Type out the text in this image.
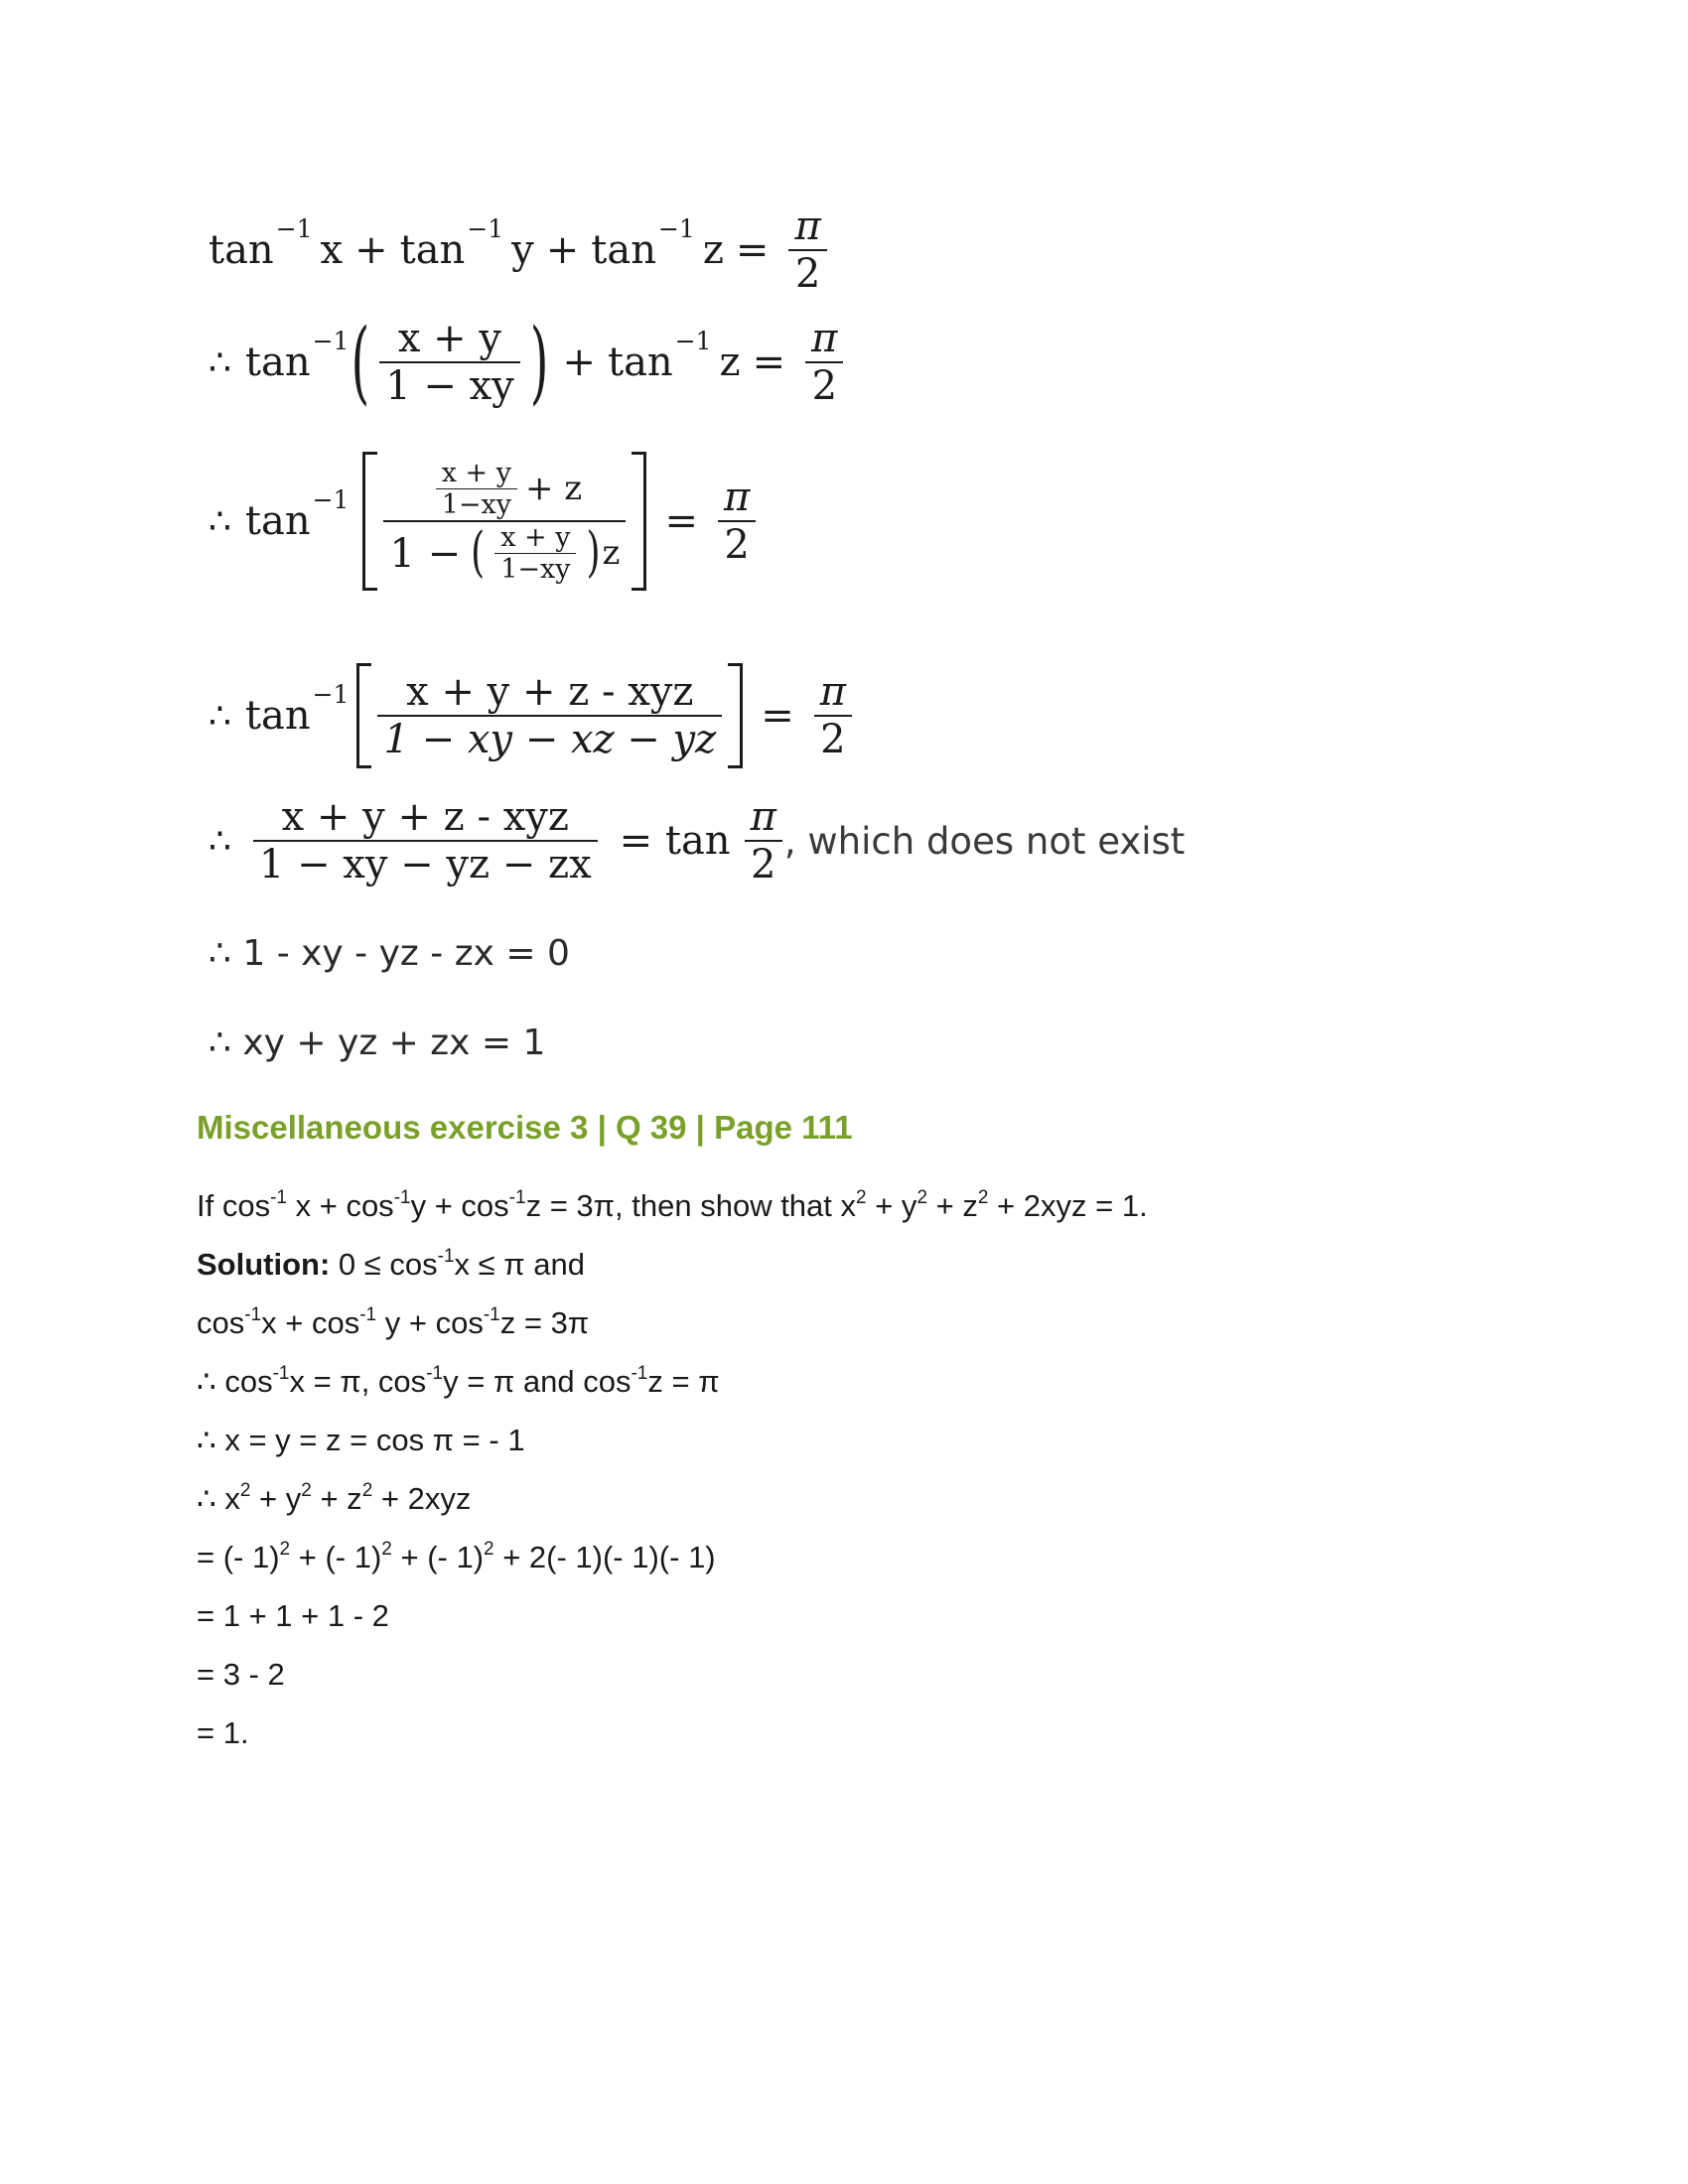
tan −1 x + tan −1 y + tan −1 $z = \frac{\pi}{2}$
∴ tan −1 ( $\frac{x + y}{1 - xy}$ ) + tan −1 $z = \frac{\pi}{2}$
∴ tan −1	$\frac{x + y}{1-xy} + z$
1 − ( $\frac{x + y}{1-xy}$ ) z
= $\frac{\pi}{2}$
∴ $\tan -1 \frac{\text{x + y + z - xyz}}{1 - xy - xz - yz} = \frac{\pi}{2}$
∴ $\frac{\text{x + y + z - xyz}}{1 - xy - yz - zx} = \tan \frac{\pi}{2}$ , which does not exist
∴ 1 - xy - yz - zx = 0
∴ xy + yz + zx = 1
Miscellaneous exercise 3 | Q 39 | Page 111
If $\cos^{-1} x + \cos^{-1}y + \cos^{-1}z = 3\pi$, then show that $x^2 + y^2 + z^2 + 2xyz = 1$.
Solution: $0 \le \cos^{-1}x \le \pi$ and
$\cos^{-1}x + \cos^{-1} y + \cos^{-1}z = 3\pi$
∴ $\cos^{-1}x = \pi$, $\cos^{-1}y = \pi$ and $\cos^{-1}z = \pi$
∴ x = y = z = cos π = - 1
∴ $x^2 + y^2 + z^2 + 2xyz$
= (- 1)$^2$ + (- 1)$^2$ + (- 1)$^2$ + 2(- 1)(- 1)(- 1)
= 1 + 1 + 1 - 2
= 3 - 2
= 1.
